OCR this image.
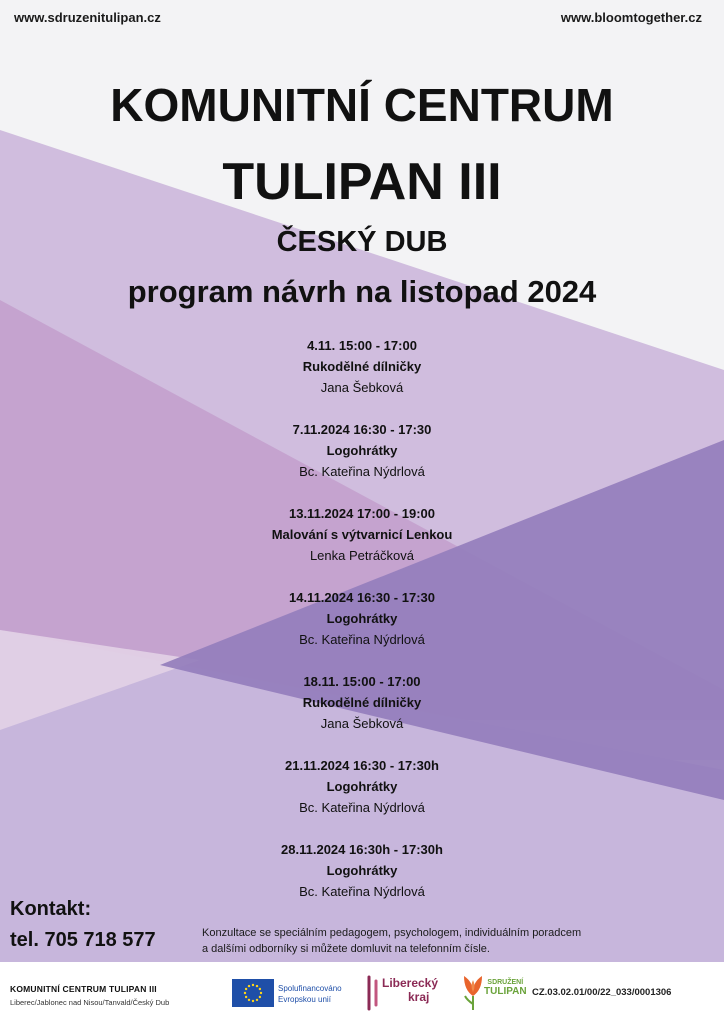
www.sdruzenitulipan.cz	www.bloomtogether.cz
KOMUNITNÍ CENTRUM
TULIPAN III
ČESKÝ DUB
program návrh na listopad 2024
4.11. 15:00 - 17:00
Rukodělné dílničky
Jana Šebková
7.11.2024 16:30 - 17:30
Logohrátky
Bc. Kateřina Nýdrlová
13.11.2024 17:00 - 19:00
Malování s výtvarnicí Lenkou
Lenka Petráčková
14.11.2024 16:30 - 17:30
Logohrátky
Bc. Kateřina Nýdrlová
18.11. 15:00 - 17:00
Rukodělné dílničky
Jana Šebková
21.11.2024 16:30 - 17:30h
Logohrátky
Bc. Kateřina Nýdrlová
28.11.2024 16:30h - 17:30h
Logohrátky
Bc. Kateřina Nýdrlová
Kontakt:
tel. 705 718 577	Konzultace se speciálním pedagogem, psychologem, individuálním poradcem
a dalšími odborníky si můžete domluvit na telefonním čísle.
KOMUNITNÍ CENTRUM TULIPAN III
Liberec/Jablonec nad Nisou/Tanvald/Český Dub
Spolufinancováno
Evropskou unií
Liberecký
kraj
SDRUŽENÍ
TULIPAN CZ.03.02.01/00/22_033/0001306
